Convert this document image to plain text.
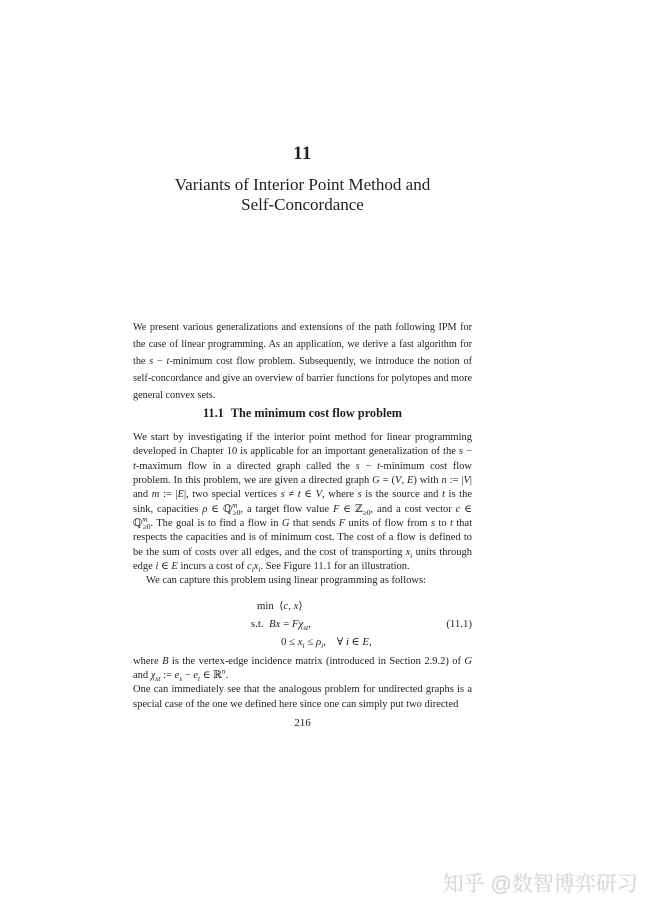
11
Variants of Interior Point Method and
Self-Concordance

We present various generalizations and extensions of the path following IPM for the case of linear programming. As an application, we derive a fast algorithm for the s − t-minimum cost flow problem. Subsequently, we introduce the notion of self-concordance and give an overview of barrier functions for polytopes and more general convex sets.

11.1 The minimum cost flow problem

We start by investigating if the interior point method for linear programming developed in Chapter 10 is applicable for an important generalization of the s − t-maximum flow in a directed graph called the s − t-minimum cost flow problem. In this problem, we are given a directed graph G = (V, E) with n := |V| and m := |E|, two special vertices s ≠ t ∈ V, where s is the source and t is the sink, capacities ρ ∈ ℚ$^m_{\ge 0}$, a target flow value F ∈ ℤ$_{\ge 0}$, and a cost vector c ∈ ℚ$^m_{\ge 0}$. The goal is to find a flow in G that sends F units of flow from s to t that respects the capacities and is of minimum cost. The cost of a flow is defined to be the sum of costs over all edges, and the cost of transporting $x_i$ units through edge i ∈ E incurs a cost of $c_ix_i$. See Figure 11.1 for an illustration.

We can capture this problem using linear programming as follows:

min  ⟨c, x⟩
s.t.  $Bx = F\chi_{st}$,	(11.1)
$0 \le x_i \le \rho_i$,    ∀ i ∈ E,

where B is the vertex-edge incidence matrix (introduced in Section 2.9.2) of G and $\chi_{st}$ := $e_s - e_t$ ∈ ℝ$^n$.

One can immediately see that the analogous problem for undirected graphs is a special case of the one we defined here since one can simply put two directed

216
知乎 @数智博弈研习
